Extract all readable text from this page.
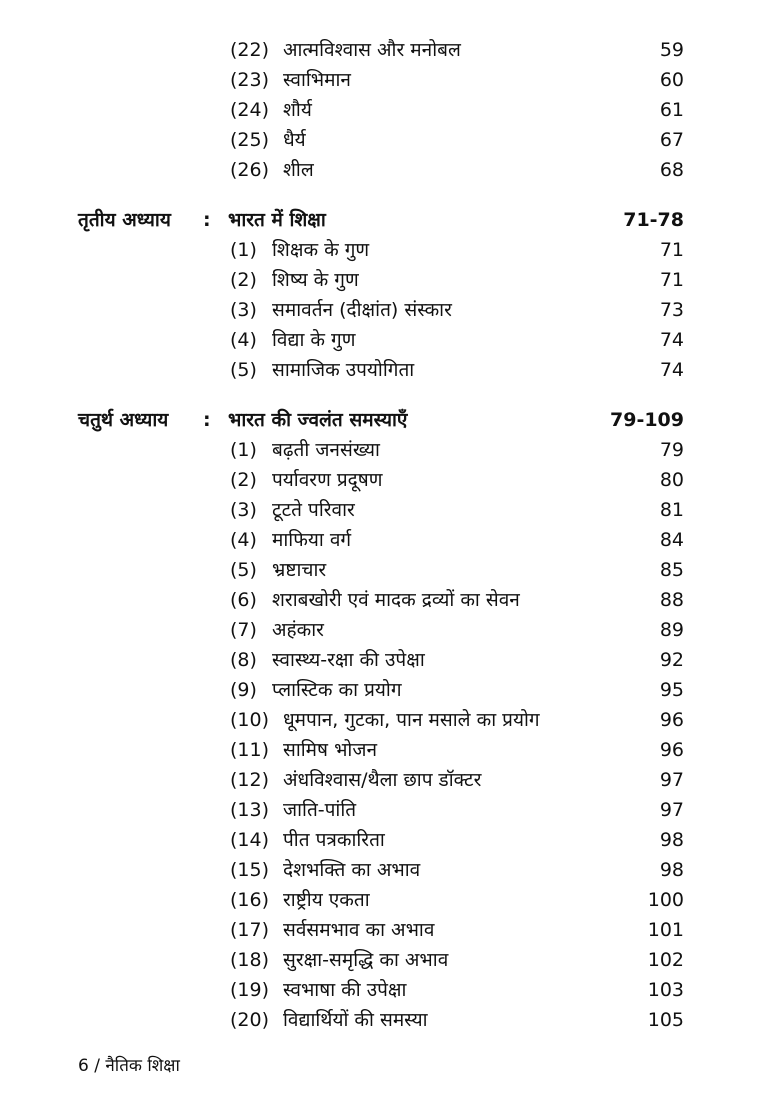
(22) आत्मविश्वास और मनोबल	59
(23) स्वाभिमान	60
(24) शौर्य	61
(25) धैर्य	67
(26) शील	68
तृतीय अध्याय : भारत में शिक्षा	71-78
(1) शिक्षक के गुण	71
(2) शिष्य के गुण	71
(3) समावर्तन (दीक्षांत) संस्कार	73
(4) विद्या के गुण	74
(5) सामाजिक उपयोगिता	74
चतुर्थ अध्याय : भारत की ज्वलंत समस्याएँ	79-109
(1) बढ़ती जनसंख्या	79
(2) पर्यावरण प्रदूषण	80
(3) टूटते परिवार	81
(4) माफिया वर्ग	84
(5) भ्रष्टाचार	85
(6) शराबखोरी एवं मादक द्रव्यों का सेवन	88
(7) अहंकार	89
(8) स्वास्थ्य-रक्षा की उपेक्षा	92
(9) प्लास्टिक का प्रयोग	95
(10) धूमपान, गुटका, पान मसाले का प्रयोग	96
(11) सामिष भोजन	96
(12) अंधविश्वास/थैला छाप डॉक्टर	97
(13) जाति-पांति	97
(14) पीत पत्रकारिता	98
(15) देशभक्ति का अभाव	98
(16) राष्ट्रीय एकता	100
(17) सर्वसमभाव का अभाव	101
(18) सुरक्षा-समृद्धि का अभाव	102
(19) स्वभाषा की उपेक्षा	103
(20) विद्यार्थियों की समस्या	105
6 / नैतिक शिक्षा
